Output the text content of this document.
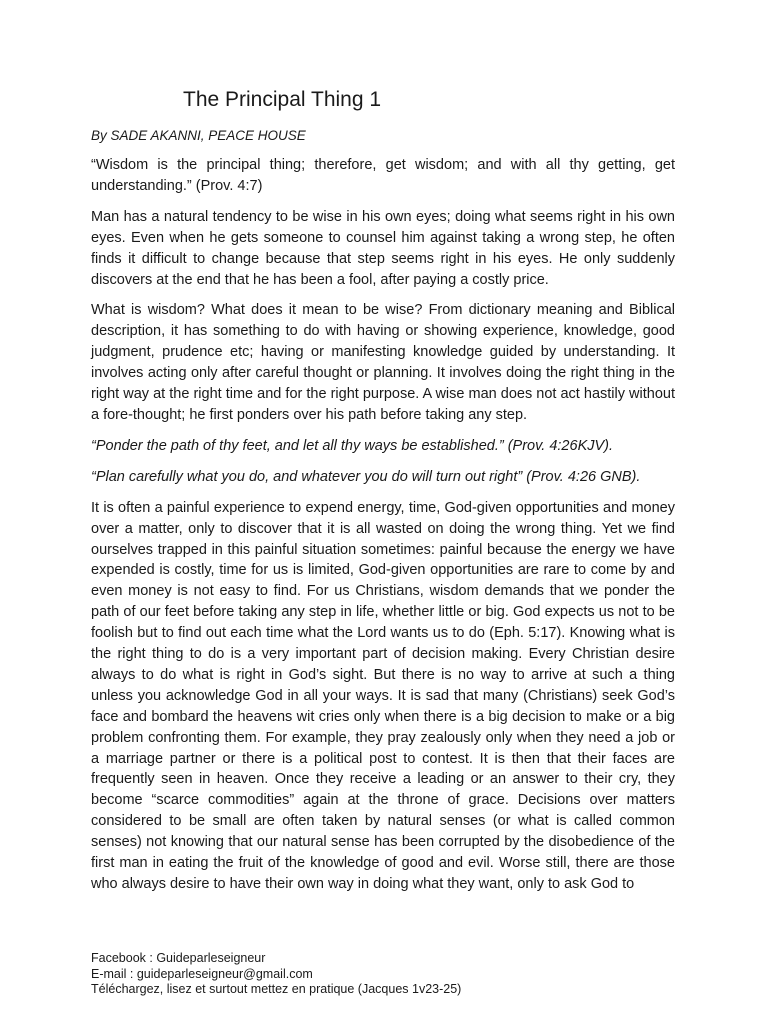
The Principal Thing 1

By SADE AKANNI, PEACE HOUSE

“Wisdom is the principal thing; therefore, get wisdom; and with all thy getting, get understanding.” (Prov. 4:7)

Man has a natural tendency to be wise in his own eyes; doing what seems right in his own eyes. Even when he gets someone to counsel him against taking a wrong step, he often finds it difficult to change because that step seems right in his eyes. He only suddenly discovers at the end that he has been a fool, after paying a costly price.

What is wisdom? What does it mean to be wise? From dictionary meaning and Biblical description, it has something to do with having or showing experience, knowledge, good judgment, prudence etc; having or manifesting knowledge guided by understanding. It involves acting only after careful thought or planning. It involves doing the right thing in the right way at the right time and for the right purpose. A wise man does not act hastily without a fore-thought; he first ponders over his path before taking any step.

“Ponder the path of thy feet, and let all thy ways be established.” (Prov. 4:26KJV).

“Plan carefully what you do, and whatever you do will turn out right” (Prov. 4:26 GNB).

It is often a painful experience to expend energy, time, God-given opportunities and money over a matter, only to discover that it is all wasted on doing the wrong thing. Yet we find ourselves trapped in this painful situation sometimes: painful because the energy we have expended is costly, time for us is limited, God-given opportunities are rare to come by and even money is not easy to find. For us Christians, wisdom demands that we ponder the path of our feet before taking any step in life, whether little or big. God expects us not to be foolish but to find out each time what the Lord wants us to do (Eph. 5:17). Knowing what is the right thing to do is a very important part of decision making. Every Christian desire always to do what is right in God’s sight. But there is no way to arrive at such a thing unless you acknowledge God in all your ways. It is sad that many (Christians) seek God’s face and bombard the heavens wit cries only when there is a big decision to make or a big problem confronting them. For example, they pray zealously only when they need a job or a marriage partner or there is a political post to contest. It is then that their faces are frequently seen in heaven. Once they receive a leading or an answer to their cry, they become “scarce commodities” again at the throne of grace. Decisions over matters considered to be small are often taken by natural senses (or what is called common senses) not knowing that our natural sense has been corrupted by the disobedience of the first man in eating the fruit of the knowledge of good and evil. Worse still, there are those who always desire to have their own way in doing what they want, only to ask God to

Facebook : Guideparleseigneur
E-mail : guideparleseigneur@gmail.com
Téléchargez, lisez et surtout mettez en pratique (Jacques 1v23-25)
